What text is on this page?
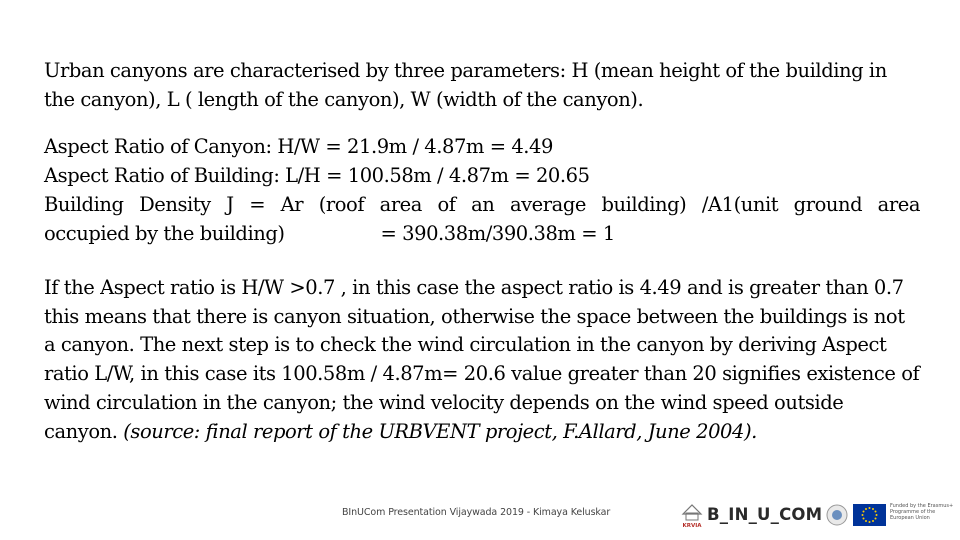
Urban canyons are characterised by three parameters: H (mean height of the building in the canyon), L ( length of the canyon), W (width of the canyon).

Aspect Ratio of Canyon: H/W = 21.9m / 4.87m = 4.49
Aspect Ratio of Building: L/H = 100.58m / 4.87m = 20.65
Building Density J = Ar (roof area of an average building) /A1(unit ground area
occupied by the building)	= 390.38m/390.38m = 1

If the Aspect ratio is H/W >0.7 , in this case the aspect ratio is 4.49 and is greater than 0.7 this means that there is canyon situation, otherwise the space between the buildings is not a canyon. The next step is to check the wind circulation in the canyon by deriving Aspect ratio L/W, in this case its 100.58m / 4.87m= 20.6 value greater than 20 signifies existence of wind circulation in the canyon; the wind velocity depends on the wind speed outside canyon. (source: final report of the URBVENT project, F.Allard, June 2004).

BInUCom Presentation Vijaywada 2019 - Kimaya Keluskar
KRVIA
B_IN_U_COM	Funded by the Erasmus+ Programme of the European Union
